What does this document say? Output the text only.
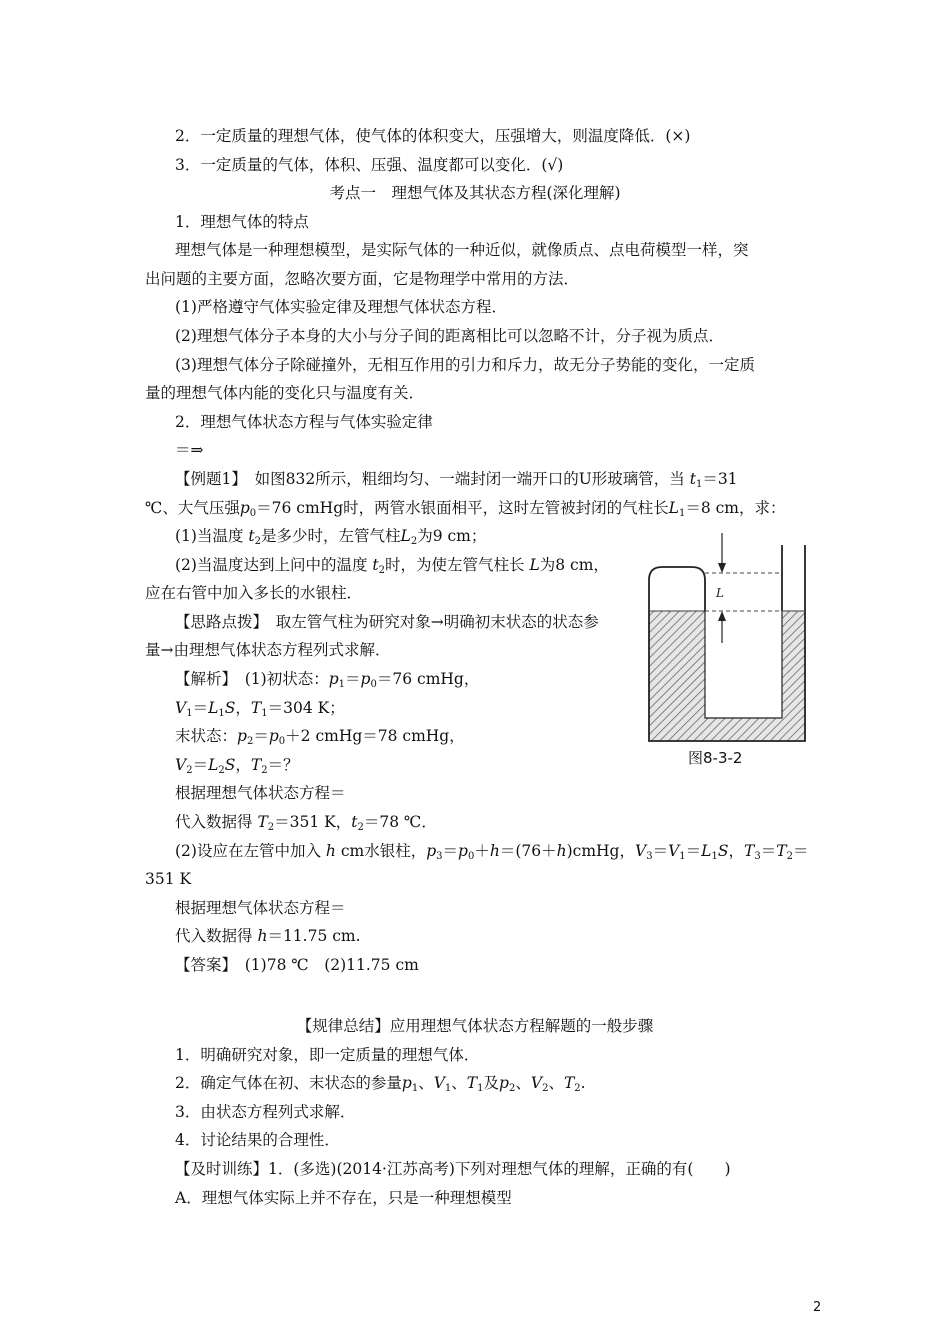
2．一定质量的理想气体，使气体的体积变大，压强增大，则温度降低．(×)
3．一定质量的气体，体积、压强、温度都可以变化．(√)
考点一　理想气体及其状态方程(深化理解)
1．理想气体的特点
理想气体是一种理想模型，是实际气体的一种近似，就像质点、点电荷模型一样，突
出问题的主要方面，忽略次要方面，它是物理学中常用的方法．
(1)严格遵守气体实验定律及理想气体状态方程．
(2)理想气体分子本身的大小与分子间的距离相比可以忽略不计，分子视为质点．
(3)理想气体分子除碰撞外，无相互作用的引力和斥力，故无分子势能的变化，一定质
量的理想气体内能的变化只与温度有关．
2．理想气体状态方程与气体实验定律
＝⇒
【例题1】　如图832所示，粗细均匀、一端封闭一端开口的U形玻璃管，当 $t_1=31$
℃、大气压强$p_0=76$ cmHg时，两管水银面相平，这时左管被封闭的气柱长$L_1=8$ cm，求：
(1)当温度 $t_2$是多少时，左管气柱$L_2$为9 cm；
(2)当温度达到上问中的温度 $t_2$时，为使左管气柱长 L为8 cm，
应在右管中加入多长的水银柱．
【思路点拨】　取左管气柱为研究对象→明确初末状态的状态参
量→由理想气体状态方程列式求解．
【解析】　(1)初状态：$p_1=p_0=76$ cmHg，
$V_1=L_1S$，$T_1=304$ K；
末状态：$p_2=p_0+2$ cmHg＝78 cmHg，
$V_2=L_2S$，$T_2=$？
根据理想气体状态方程＝
代入数据得 $T_2=351$ K，$t_2=78$ ℃．
(2)设应在左管中加入 h cm水银柱，$p_3=p_0+h=(76+h)cmHg$，$V_3=V_1=L_1S$，$T_3=T_2=$
351 K
根据理想气体状态方程＝
代入数据得 h＝11.75 cm.
【答案】　(1)78 ℃　(2)11.75 cm
【规律总结】应用理想气体状态方程解题的一般步骤
1．明确研究对象，即一定质量的理想气体．
2．确定气体在初、末状态的参量$p_1$、$V_1$、$T_1$及$p_2$、$V_2$、$T_2$.
3．由状态方程列式求解．
4．讨论结果的合理性．
【及时训练】1．(多选)(2014·江苏高考)下列对理想气体的理解，正确的有(　　)
A．理想气体实际上并不存在，只是一种理想模型
L
图8-3-2
2
